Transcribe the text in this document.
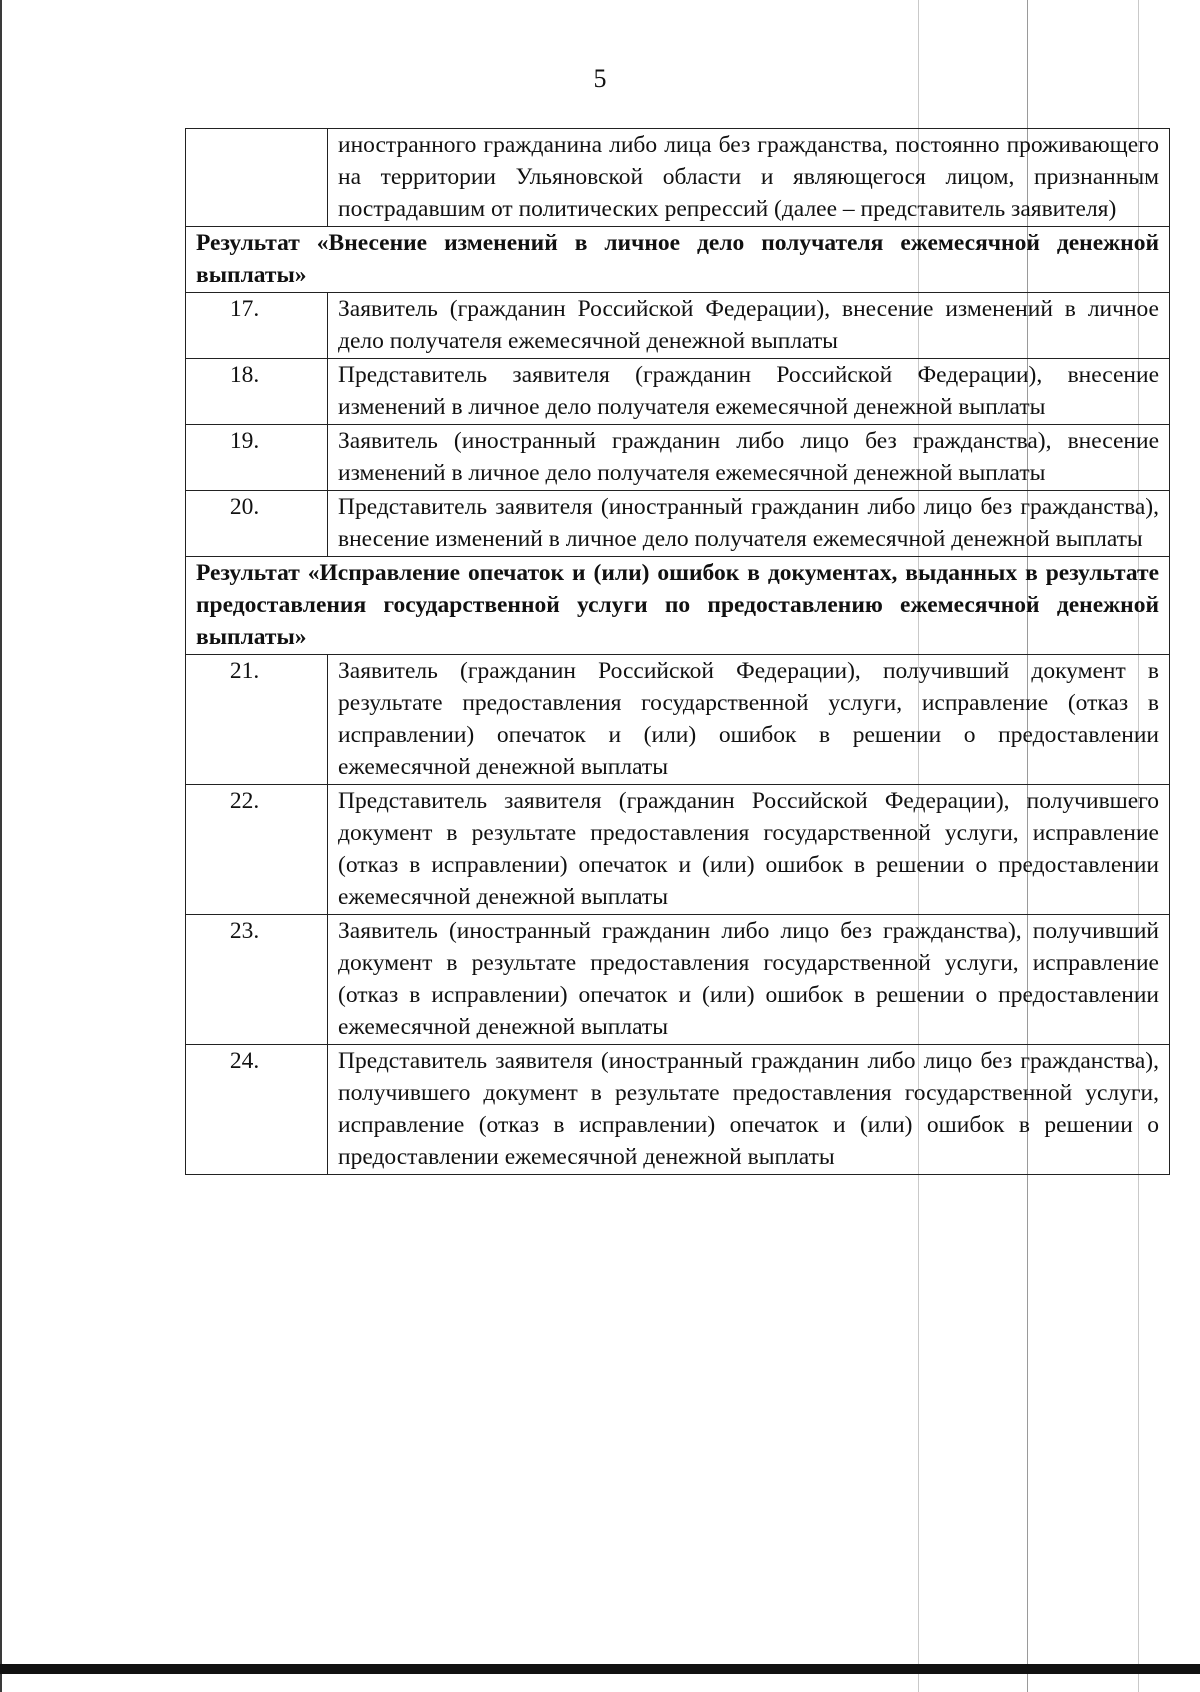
5
	иностранного гражданина либо лица без гражданства, постоянно проживающего на территории Ульяновской области и являющегося лицом, признанным пострадавшим от политических репрессий (далее – представитель заявителя)
Результат «Внесение изменений в личное дело получателя ежемесячной денежной выплаты»	
17.	Заявитель (гражданин Российской Федерации), внесение изменений в личное дело получателя ежемесячной денежной выплаты
18.	Представитель заявителя (гражданин Российской Федерации), внесение изменений в личное дело получателя ежемесячной денежной выплаты
19.	Заявитель (иностранный гражданин либо лицо без гражданства), внесение изменений в личное дело получателя ежемесячной денежной выплаты
20.	Представитель заявителя (иностранный гражданин либо лицо без гражданства), внесение изменений в личное дело получателя ежемесячной денежной выплаты
Результат «Исправление опечаток и (или) ошибок в документах, выданных в результате предоставления государственной услуги по предоставлению ежемесячной денежной выплаты»	
21.	Заявитель (гражданин Российской Федерации), получивший документ в результате предоставления государственной услуги, исправление (отказ в исправлении) опечаток и (или) ошибок в решении о предоставлении ежемесячной денежной выплаты
22.	Представитель заявителя (гражданин Российской Федерации), получившего документ в результате предоставления государственной услуги, исправление (отказ в исправлении) опечаток и (или) ошибок в решении о предоставлении ежемесячной денежной выплаты
23.	Заявитель (иностранный гражданин либо лицо без гражданства), получивший документ в результате предоставления государственной услуги, исправление (отказ в исправлении) опечаток и (или) ошибок в решении о предоставлении ежемесячной денежной выплаты
24.	Представитель заявителя (иностранный гражданин либо лицо без гражданства), получившего документ в результате предоставления государственной услуги, исправление (отказ в исправлении) опечаток и (или) ошибок в решении о предоставлении ежемесячной денежной выплаты
